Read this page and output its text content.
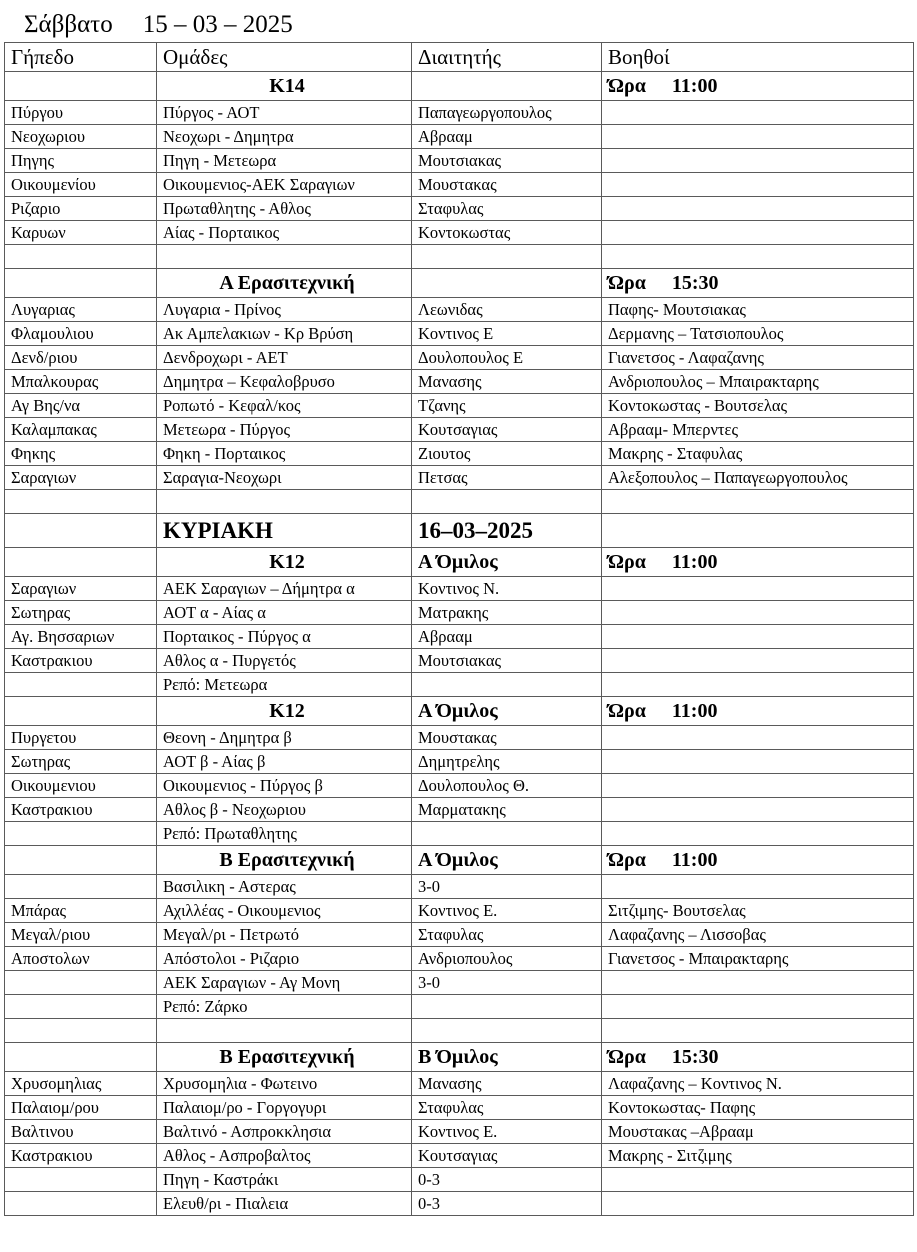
Σάββατο 15 – 03 – 2025
Γήπεδο	Ομάδες	Διαιτητής	Βοηθοί
	Κ14		Ώρα 11:00
Πύργου	Πύργος - ΑΟΤ	Παπαγεωργοπουλος	
Νεοχωριου	Νεοχωρι - Δημητρα	Αβρααμ	
Πηγης	Πηγη - Μετεωρα	Μουτσιακας	
Οικουμενίου	Οικουμενιος-ΑΕΚ Σαραγιων	Μουστακας	
Ριζαριο	Πρωταθλητης - Αθλος	Σταφυλας	
Καρυων	Αίας - Πορταικος	Κοντοκωστας	

	Α Ερασιτεχνική		Ώρα 15:30
Λυγαριας	Λυγαρια - Πρίνος	Λεωνιδας	Παφης- Μουτσιακας
Φλαμουλιου	Ακ Αμπελακιων - Κρ Βρύση	Κοντινος Ε	Δερμανης – Τατσιοπουλος
Δενδ/ριου	Δενδροχωρι - ΑΕΤ	Δουλοπουλος Ε	Γιανετσος - Λαφαζανης
Μπαλκουρας	Δημητρα – Κεφαλοβρυσο	Μανασης	Ανδριοπουλος – Μπαιρακταρης
Αγ Βης/να	Ροπωτό - Κεφαλ/κος	Τζανης	Κοντοκωστας - Βουτσελας
Καλαμπακας	Μετεωρα - Πύργος	Κουτσαγιας	Αβρααμ- Μπερντες
Φηκης	Φηκη - Πορταικος	Ζιουτος	Μακρης - Σταφυλας
Σαραγιων	Σαραγια-Νεοχωρι	Πετσας	Αλεξοπουλος – Παπαγεωργοπουλος

	ΚΥΡΙΑΚΗ	16–03–2025	
	Κ12	Α Όμιλος	Ώρα 11:00
Σαραγιων	ΑΕΚ Σαραγιων – Δήμητρα α	Κοντινος Ν.	
Σωτηρας	ΑΟΤ α - Αίας α	Ματρακης	
Αγ. Βησσαριων	Πορταικος - Πύργος α	Αβρααμ	
Καστρακιου	Αθλος α - Πυργετός	Μουτσιακας	
	Ρεπό: Μετεωρα		
	Κ12	Α Όμιλος	Ώρα 11:00
Πυργετου	Θεονη - Δημητρα β	Μουστακας	
Σωτηρας	ΑΟΤ β - Αίας β	Δημητρελης	
Οικουμενιου	Οικουμενιος - Πύργος β	Δουλοπουλος Θ.	
Καστρακιου	Αθλος β - Νεοχωριου	Μαρματακης	
	Ρεπό: Πρωταθλητης		
	Β Ερασιτεχνική	Α Όμιλος	Ώρα 11:00
	Βασιλικη - Αστερας	3-0	
Μπάρας	Αχιλλέας - Οικουμενιος	Κοντινος Ε.	Σιτζιμης- Βουτσελας
Μεγαλ/ριου	Μεγαλ/ρι - Πετρωτό	Σταφυλας	Λαφαζανης – Λισσοβας
Αποστολων	Απόστολοι - Ριζαριο	Ανδριοπουλος	Γιανετσος - Μπαιρακταρης
	ΑΕΚ Σαραγιων - Αγ Μονη	3-0	
	Ρεπό: Ζάρκο		

	Β Ερασιτεχνική	Β Όμιλος	Ώρα 15:30
Χρυσομηλιας	Χρυσομηλια - Φωτεινο	Μανασης	Λαφαζανης – Κοντινος Ν.
Παλαιομ/ρου	Παλαιομ/ρο - Γοργογυρι	Σταφυλας	Κοντοκωστας- Παφης
Βαλτινου	Βαλτινό - Ασπροκκλησια	Κοντινος Ε.	Μουστακας –Αβρααμ
Καστρακιου	Αθλος - Ασπροβαλτος	Κουτσαγιας	Μακρης - Σιτζιμης
	Πηγη - Καστράκι	0-3	
	Ελευθ/ρι - Πιαλεια	0-3	
